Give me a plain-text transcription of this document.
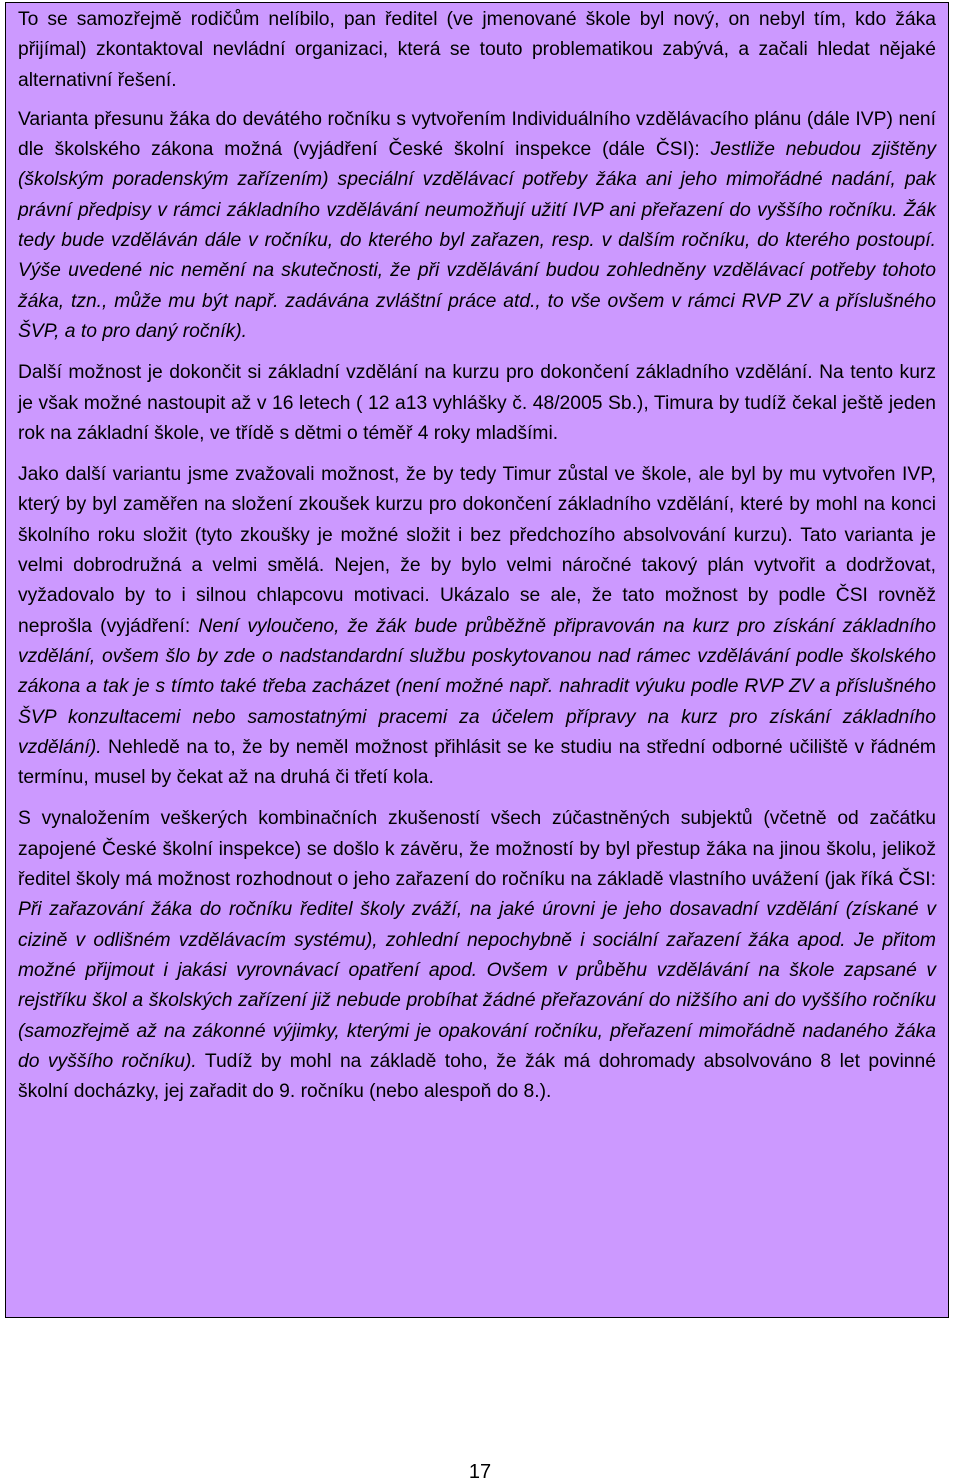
To se samozřejmě rodičům nelíbilo, pan ředitel (ve jmenované škole byl nový, on nebyl tím, kdo žáka přijímal) zkontaktoval nevládní organizaci, která se touto problematikou zabývá, a začali hledat nějaké alternativní řešení.

Varianta přesunu žáka do devátého ročníku s vytvořením Individuálního vzdělávacího plánu (dále IVP) není dle školského zákona možná (vyjádření České školní inspekce (dále ČSI): Jestliže nebudou zjištěny (školským poradenským zařízením) speciální vzdělávací potřeby žáka ani jeho mimořádné nadání, pak právní předpisy v rámci základního vzdělávání neumožňují užití IVP ani přeřazení do vyššího ročníku. Žák tedy bude vzděláván dále v ročníku, do kterého byl zařazen, resp. v dalším ročníku, do kterého postoupí. Výše uvedené nic nemění na skutečnosti, že při vzdělávání budou zohledněny vzdělávací potřeby tohoto žáka, tzn., může mu být např. zadávána zvláštní práce atd., to vše ovšem v rámci RVP ZV a příslušného ŠVP, a to pro daný ročník).

Další možnost je dokončit si základní vzdělání na kurzu pro dokončení základního vzdělání. Na tento kurz je však možné nastoupit až v 16 letech ( 12 a13 vyhlášky č. 48/2005 Sb.), Timura by tudíž čekal ještě jeden rok na základní škole, ve třídě s dětmi o téměř 4 roky mladšími.

Jako další variantu jsme zvažovali možnost, že by tedy Timur zůstal ve škole, ale byl by mu vytvořen IVP, který by byl zaměřen na složení zkoušek kurzu pro dokončení základního vzdělání, které by mohl na konci školního roku složit (tyto zkoušky je možné složit i bez předchozího absolvování kurzu). Tato varianta je velmi dobrodružná a velmi smělá. Nejen, že by bylo velmi náročné takový plán vytvořit a dodržovat, vyžadovalo by to i silnou chlapcovu motivaci. Ukázalo se ale, že tato možnost by podle ČSI rovněž neprošla (vyjádření: Není vyloučeno, že žák bude průběžně připravován na kurz pro získání základního vzdělání, ovšem šlo by zde o nadstandardní službu poskytovanou nad rámec vzdělávání podle školského zákona a tak je s tímto také třeba zacházet (není možné např. nahradit výuku podle RVP ZV a příslušného ŠVP konzultacemi nebo samostatnými pracemi za účelem přípravy na kurz pro získání základního vzdělání). Nehledě na to, že by neměl možnost přihlásit se ke studiu na střední odborné učiliště v řádném termínu, musel by čekat až na druhá či třetí kola.

S vynaložením veškerých kombinačních zkušeností všech zúčastněných subjektů (včetně od začátku zapojené České školní inspekce) se došlo k závěru, že možností by byl přestup žáka na jinou školu, jelikož ředitel školy má možnost rozhodnout o jeho zařazení do ročníku na základě vlastního uvážení (jak říká ČSI: Při zařazování žáka do ročníku ředitel školy zváží, na jaké úrovni je jeho dosavadní vzdělání (získané v cizině v odlišném vzdělávacím systému), zohlední nepochybně i sociální zařazení žáka apod. Je přitom možné přijmout i jakási vyrovnávací opatření apod. Ovšem v průběhu vzdělávání na škole zapsané v rejstříku škol a školských zařízení již nebude probíhat žádné přeřazování do nižšího ani do vyššího ročníku (samozřejmě až na zákonné výjimky, kterými je opakování ročníku, přeřazení mimořádně nadaného žáka do vyššího ročníku). Tudíž by mohl na základě toho, že žák má dohromady absolvováno 8 let povinné školní docházky, jej zařadit do 9. ročníku (nebo alespoň do 8.).

17
